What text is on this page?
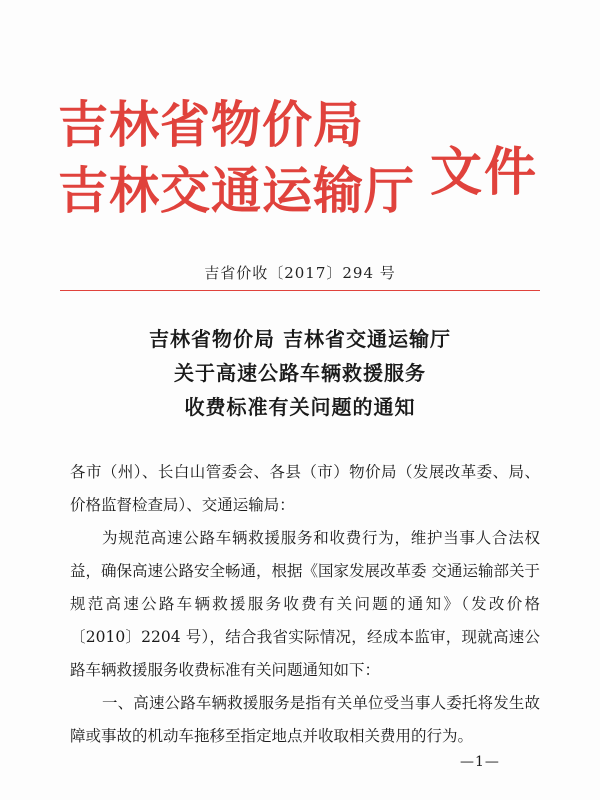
吉林省物价局
吉林交通运输厅 文件
吉省价收〔2017〕294 号
吉林省物价局 吉林省交通运输厅
关于高速公路车辆救援服务
收费标准有关问题的通知
各市（州）、长白山管委会、各县（市）物价局（发展改革委、局、价格监督检查局）、交通运输局：
为规范高速公路车辆救援服务和收费行为，维护当事人合法权益，确保高速公路安全畅通，根据《国家发展改革委 交通运输部关于规范高速公路车辆救援服务收费有关问题的通知》（发改价格〔2010〕2204 号），结合我省实际情况，经成本监审，现就高速公路车辆救援服务收费标准有关问题通知如下：
一、高速公路车辆救援服务是指有关单位受当事人委托将发生故障或事故的机动车拖移至指定地点并收取相关费用的行为。
—1—
